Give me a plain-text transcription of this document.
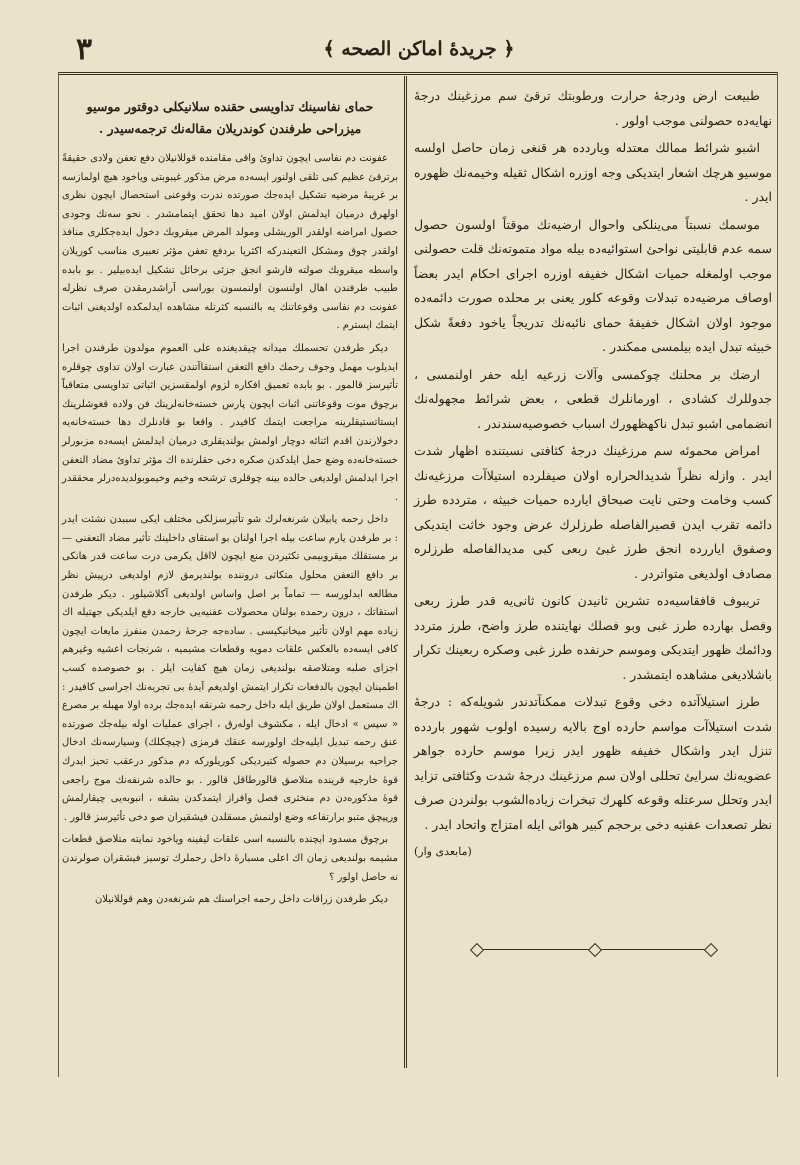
٣	﴿ جريدهٔ اماكن الصحه ﴾

طبيعت ارض ودرجهٔ حرارت ورطوبتك ترقئ سم مرزغينك درجهٔ نهايه‌ده حصولنى موجب اولور .

اشبو شرائط ممالك معتدله وياردده هر قنغى زمان حاصل اولسه موسيو هرچك اشعار ايتديكى وجه اوزره اشكال ثقيله وخيمه‌نك ظهوره ايدر .

موسمك نسبتاً مى‌ينلكى واحوال ارضيه‌نك موقتاً اولسون حصول سمه عدم قابليتى نواحئ استوائيه‌ده بيله مواد متموته‌نك قلت حصولنى موجب اولمغله حميات اشكال خفيفه اوزره اجراى احكام ايدر بعضاً اوصاف مرضيه‌ده تبدلات وقوعه كلور يعنى بر محلده صورت دائمه‌ده موجود اولان اشكال خفيفهٔ حماى نائبه‌نك تدريجاً ياخود دفعةً شكل خبيثه تبدل ايده بيلمسى ممكندر .

ارضك بر محلنك چوكمسى وآلات زرعيه ايله حفر اولنمسى ، جدوللرك كشادى ، اورمانلرك قطعى ، بعض شرائط مجهوله‌نك انضمامى اشبو تبدل ناكهظهورك اسباب خصوصيه‌سندندر .

امراض محموئه سم مرزغينك درجهٔ كثافتى نسبتنده اظهار شدت ايدر . وازله نظراً شديدالحراره اولان صيفلرده استيلاآت مرزغيه‌نك كسب وخامت وحتى نايت صبحاق ايارده حميات خبيثه ، متردده طرز دائمه تقرب ايدن قصيرالفاصله طرزلرك عرض وجود خاثت ايتديكى وصفوق اياررده انجق طرز غبئ ربعى كبى مديدالفاصله طرزلره مصادف اولديغى متواتردر .

تريبوف قافقاسيه‌ده تشرين ثانيدن كانون ثانى‌يه قدر طرز ربعى وفصل بهارده طرز غبى وبو فصلك نهايتنده طرز واضح، طرز متردد ودائمك ظهور ايتديكى وموسم حرنفده طرز غبى وصكره ربعينك تكرار باشلاديغى مشاهده ايتمشدر .

طرز استيلاآتده دخى وقوع تبدلات ممكنآتدندر شويله‌كه : درجهٔ شدت استيلاآت مواسم حارده اوج بالايه رسيده اولوب شهور باردده تنزل ايدر واشكال خفيفه ظهور ايدر زيرا موسم حارده جواهر عضويه‌نك سرايئ تحللى اولان سم مرزغينك درجهٔ شدت وكثافتى تزايد ايدر وتحلل سرعتله وقوعه كلهرك تبخرات زياده‌الشوب بولنردن صرف نظر تصعدات عفنيه دخى برحجم كبير هوائى ايله امتزاج واتحاد ايدر .

(مابعدى وار)
حماى نفاسينك تداويسى حقنده سلانيكلى دوقتور موسيو ميزراحى طرفندن كوندريلان مقاله‌نك ترجمه‌سيدر .

عفونت دم نفاسى ايچون تداوئ واقى مقامنده قوللانيلان دفع تعفن ولادى حقيقةً برترقئ عظيم كبى تلقى اولنور ايسه‌ده مرض مذكور غيبوبتى وياخود هيچ اولمازسه بر غريبهٔ مرضيه تشكيل ايده‌جك صورتده ندرت وقوعنى استحصال ايچون نظرى اولهرق درميان ايدلمش اولان اميد دها تحقق ايتمامشدر . نحو سه‌نك وجودى حصول امراضه اولقدر الوريشلى ومولد المرض ميقروبك دخول ايده‌جكلرى منافذ اولقدر چوق ومشكل التعيندركه اكثريا بردفع تعفن مؤثر تعبيرى مناسب كوريلان واسطه ميقروبك صولته قارشو انجق جزئى برحائل تشكيل ايده‌بيلير . بو بابده طبيب طرفندن اهال اولنسون اولنمسون بوراسى آراشدرمقدن صرف نظرله عفونت دم نفاسى وقوعاتنك يه بالنسبه كثرتله مشاهده ايدلمكده اولديغنى اثبات ايتمك ايسترم .

ديكر طرفدن تحسملك ميدانه چيقديغنده على العموم مولدون طرفندن اجرا ايديلوب مهمل وجوف رحمك دافع التعفن استقاآتندن عبارت اولان تداوى چوقلره تأثيرسز قالمور . بو بابده تعميق افكاره لزوم اولمقسزين اثباتى تداويسى متعاقباً برچوق موت وقوعاتنى اثبات ايچون پارس خسته‌خانه‌لرينك فن ولاده قغوشلرينك ايستاتستيقلرينه مراجعت ايتمك كافيدر . واقعا بو قادنلرك دها خسته‌خانه‌يه دخولارندن اقدم اثنائه دوچار اولمش بولنديقلرى درميان ايدلمش ايسه‌ده مزبورلر خسته‌خانه‌ده وضع حمل ايلدكدن صكره دخى حقلرنده اك مؤثر تداوئ مضاد التعفن اجرا ايدلمش اولديغى حالده بينه چوقلرى ترشحه وخيم وخيموبولديده‌درلر محققدر .

داخل رحمه يابيلان شرنغه‌لرك شو تأثيرسزلكى مختلف ايكى سببدن نشئت ايدر : بر طرفدن يارم ساعت بيله اجرا اولنان بو استقاى داخلينك تأثير مضاد التعفنى — بر مستقلك ميقروبيمى تكثيردن منع ايچون لااقل يكرمى درت ساعت قدر هانكى بر دافع التعفن محلول متكاثى دروننده بولنديرمق لازم اولديغى درپيش نظر مطالعه ايدلورسه — تماماً بر اصل واساس اولديغى آكلاشيلور . ديكر طرفدن استقاتك ، درون رحمده بولنان محصولات عفنيه‌يى خارجه دفع ايلديكى جهتيله اك زياده مهم اولان تأثير ميخانيكيسى . ساده‌جه جرحهٔ رحمدن منفرز مايعات ايچون كافى ايسه‌ده بالعكس علقات دمويه وقطعات مشيميه ، شرنجات اعشيه وغيرهم اجزاى صلبه ومتلاصقه بولنديغى زمان هيچ كفايت ايلر . بو خصوصده كسب اطمينان ايچون بالدفعات تكرار ايتمش اولديغم آيدهٔ بى تجربه‌نك اجراسى كافيدر : اك مستعمل اولان طريق ايله داخل رحمه شرنقه ايده‌جك برده اولا مهبله بر مصرع « سپس » ادخال ايله ، مكشوف اوله‌رق ، اجراى عمليات اوله بيله‌جك صورتده عنق رحمه تبديل ايليه‌جك اولورسه عنقك قرمزى (چيچكلك) وسيارسه‌نك ادخال جراحيه برسيلان دم حصوله كتيرديكى كوريلوركه دم مذكور درعقب تحيز ايدرك قوهٔ خارجيه قرينده متلاصق قالورطاقل قالور . بو حالده شرنفه‌نك موج راجعى قوهٔ مذكوره‌دن دم منخثرى فصل وافراز ايتمدكدن بشقه ، انبوبه‌يى چيقارلمش ورپيچق متبو برارتفاعه وضع اولنمش مسقلدن فيشقيران صو دخى تأثيرسز قالور .

برچوق مسدود ايچنده بالنسبه اسى علقات ليفينه وياخود نمايته متلاصق قطعات مشيمه بولنديغى زمان اك اعلى مسبارهٔ داخل رحملرك توسيز فيشقران صولرندن نه حاصل اولور ؟

ديكر طرفدن زراقات داخل رحمه اجراسنك هم شرنغه‌دن وهم قوللانيلان
